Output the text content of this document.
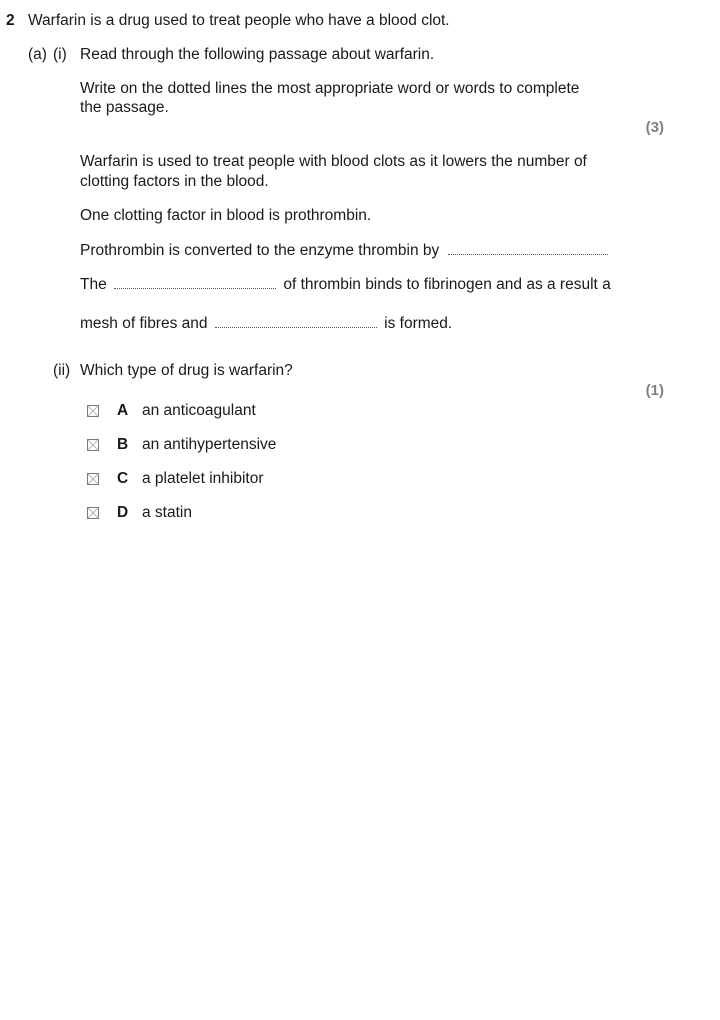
2 Warfarin is a drug used to treat people who have a blood clot.
(a) (i) Read through the following passage about warfarin.
Write on the dotted lines the most appropriate word or words to complete
the passage.
(3)
Warfarin is used to treat people with blood clots as it lowers the number of
clotting factors in the blood.
One clotting factor in blood is prothrombin.
Prothrombin is converted to the enzyme thrombin by
The	of thrombin binds to fibrinogen and as a result a
mesh of fibres and	is formed.
(ii) Which type of drug is warfarin?
(1)
A an anticoagulant
B an antihypertensive
C a platelet inhibitor
D a statin
